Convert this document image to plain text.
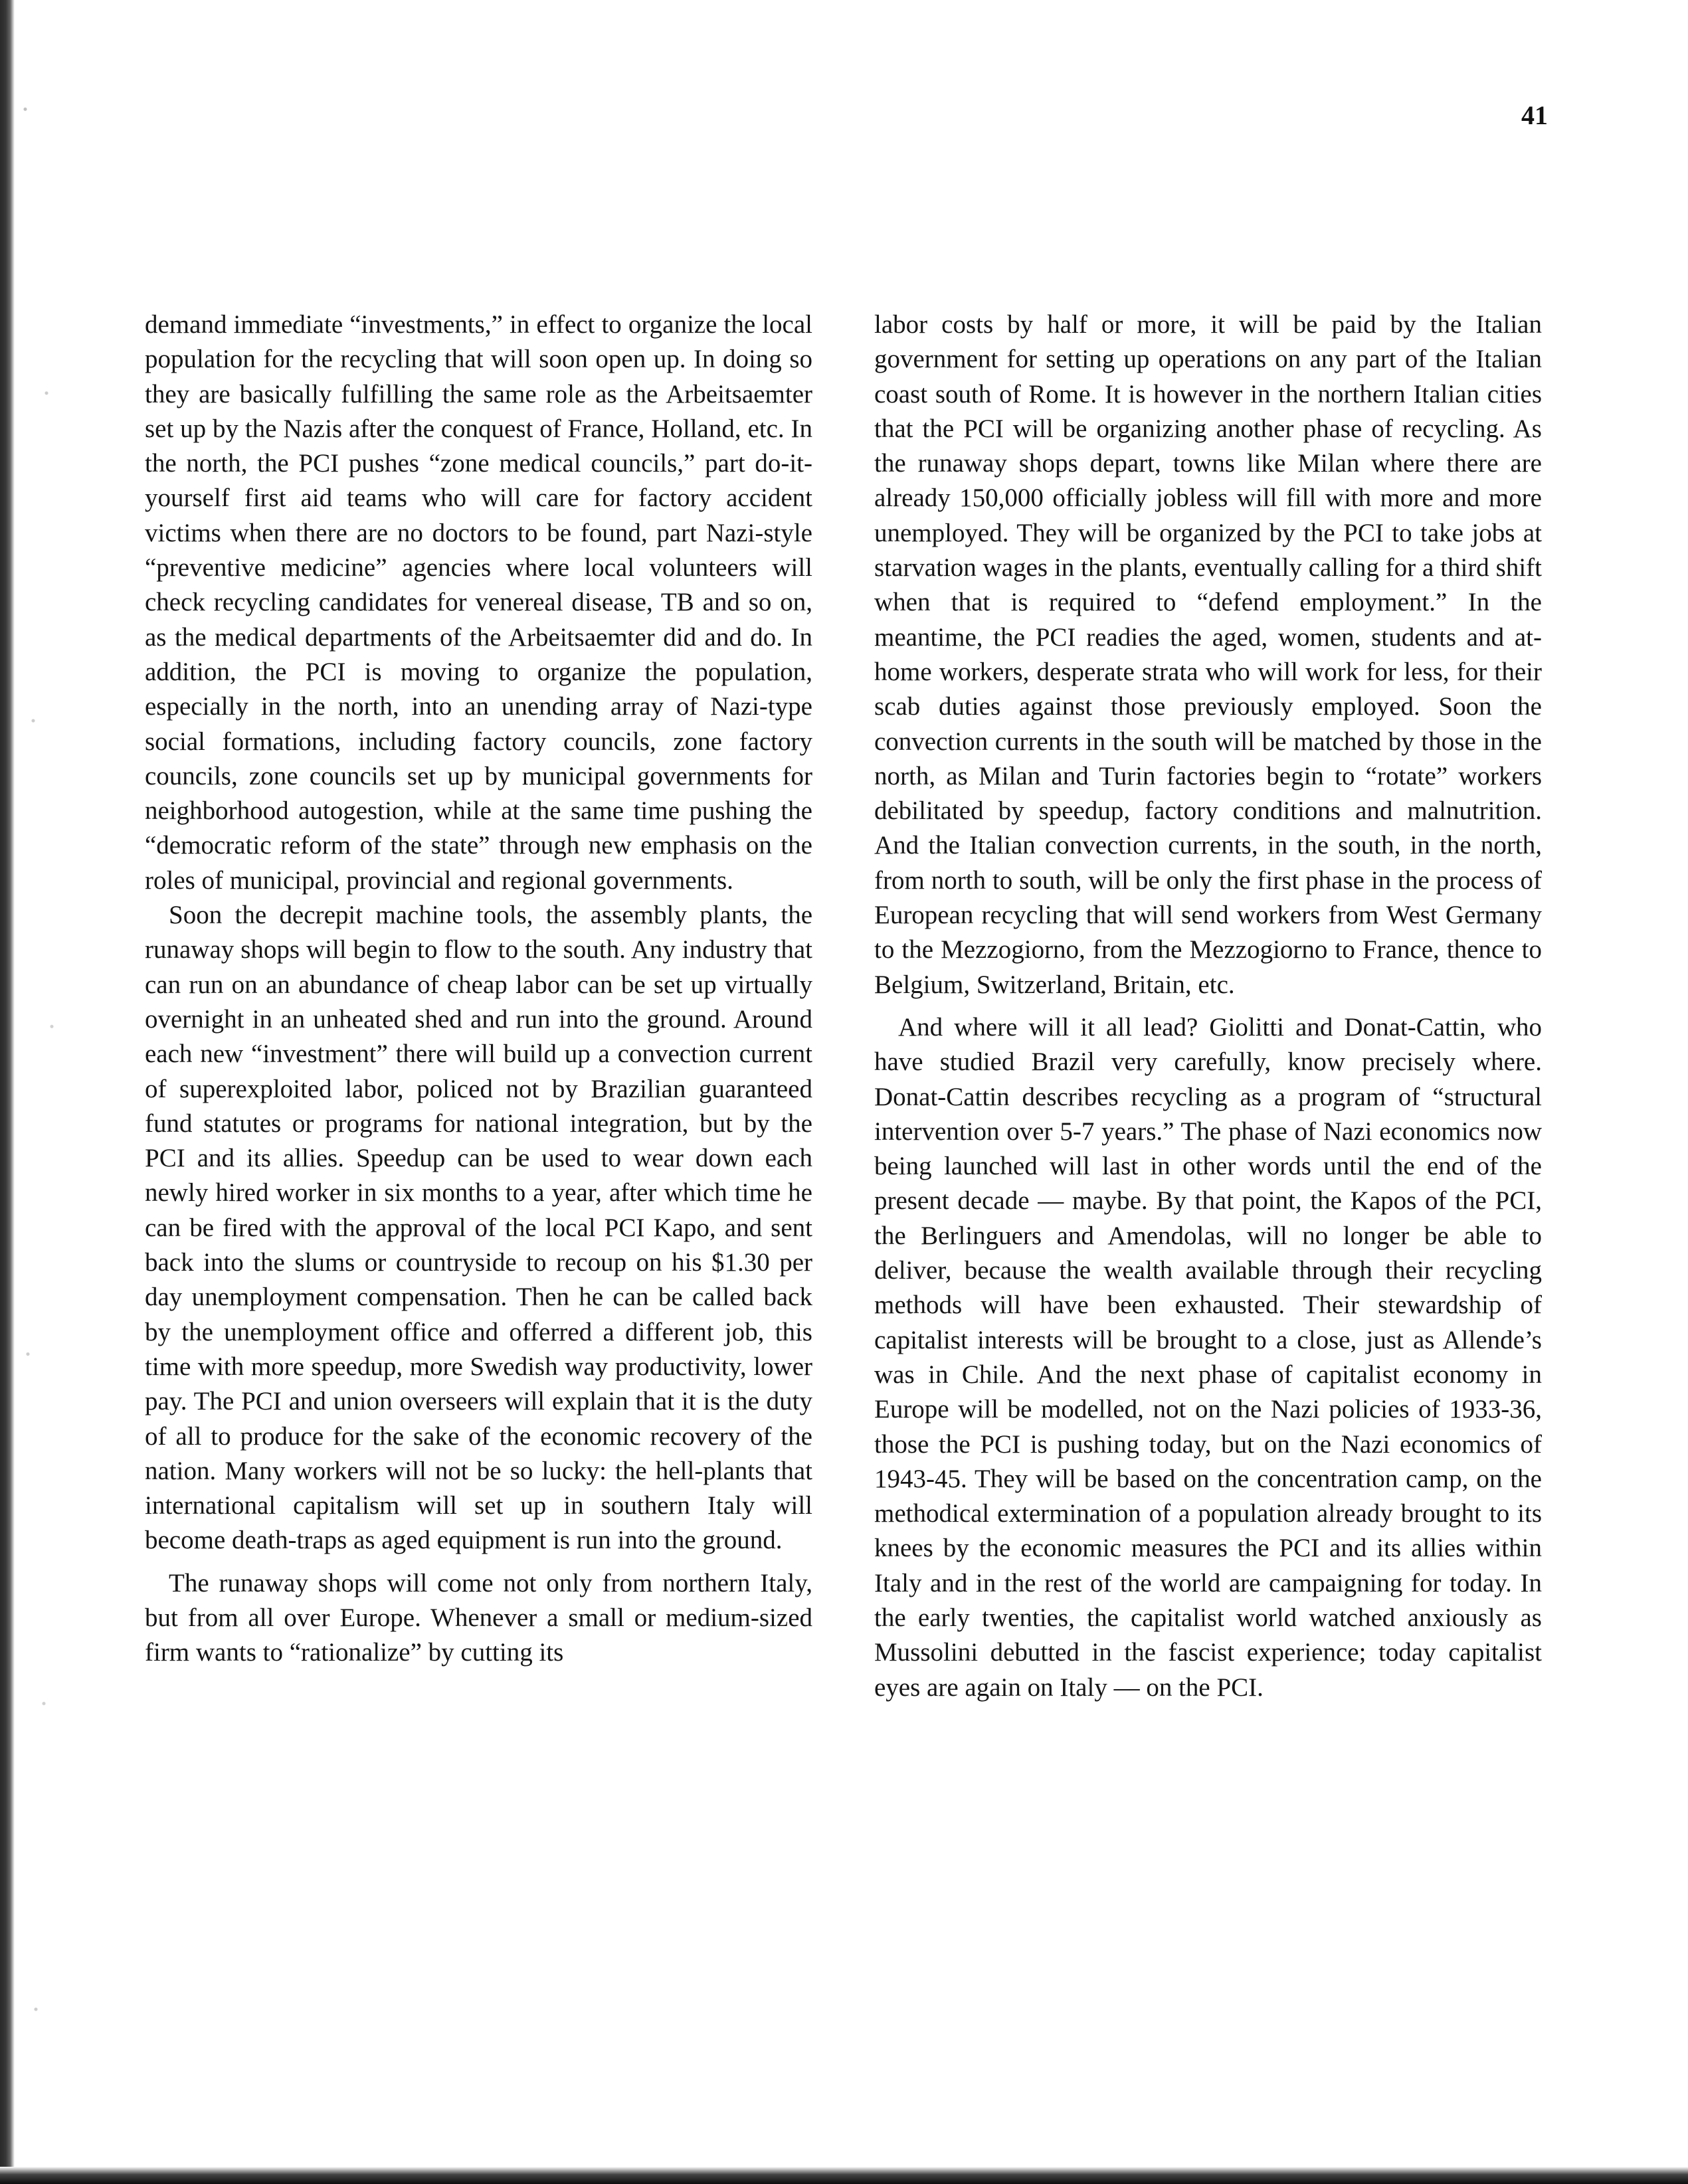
41

demand immediate “investments,” in effect to organize the local population for the recycling that will soon open up. In doing so they are basically fulfilling the same role as the Arbeitsaemter set up by the Nazis after the conquest of France, Holland, etc. In the north, the PCI pushes “zone medical councils,” part do-it-yourself first aid teams who will care for factory accident victims when there are no doctors to be found, part Nazi-style “preventive medicine” agencies where local volunteers will check recycling candidates for venereal disease, TB and so on, as the medical departments of the Arbeitsaemter did and do. In addition, the PCI is moving to organize the population, especially in the north, into an unending array of Nazi-type social formations, including factory councils, zone factory councils, zone councils set up by municipal governments for neighborhood autogestion, while at the same time pushing the “democratic reform of the state” through new emphasis on the roles of municipal, provincial and regional governments.

Soon the decrepit machine tools, the assembly plants, the runaway shops will begin to flow to the south. Any industry that can run on an abundance of cheap labor can be set up virtually overnight in an unheated shed and run into the ground. Around each new “investment” there will build up a convection current of superexploited labor, policed not by Brazilian guaranteed fund statutes or programs for national integration, but by the PCI and its allies. Speedup can be used to wear down each newly hired worker in six months to a year, after which time he can be fired with the approval of the local PCI Kapo, and sent back into the slums or countryside to recoup on his $1.30 per day unemployment compensation. Then he can be called back by the unemployment office and offerred a different job, this time with more speedup, more Swedish way productivity, lower pay. The PCI and union overseers will explain that it is the duty of all to produce for the sake of the economic recovery of the nation. Many workers will not be so lucky: the hell-plants that international capitalism will set up in southern Italy will become death-traps as aged equipment is run into the ground.

The runaway shops will come not only from northern Italy, but from all over Europe. Whenever a small or medium-sized firm wants to “rationalize” by cutting its

labor costs by half or more, it will be paid by the Italian government for setting up operations on any part of the Italian coast south of Rome. It is however in the northern Italian cities that the PCI will be organizing another phase of recycling. As the runaway shops depart, towns like Milan where there are already 150,000 officially jobless will fill with more and more unemployed. They will be organized by the PCI to take jobs at starvation wages in the plants, eventually calling for a third shift when that is required to “defend employment.” In the meantime, the PCI readies the aged, women, students and at-home workers, desperate strata who will work for less, for their scab duties against those previously employed. Soon the convection currents in the south will be matched by those in the north, as Milan and Turin factories begin to “rotate” workers debilitated by speedup, factory conditions and malnutrition. And the Italian convection currents, in the south, in the north, from north to south, will be only the first phase in the process of European recycling that will send workers from West Germany to the Mezzogiorno, from the Mezzogiorno to France, thence to Belgium, Switzerland, Britain, etc.

And where will it all lead? Giolitti and Donat-Cattin, who have studied Brazil very carefully, know precisely where. Donat-Cattin describes recycling as a program of “structural intervention over 5-7 years.” The phase of Nazi economics now being launched will last in other words until the end of the present decade — maybe. By that point, the Kapos of the PCI, the Berlinguers and Amendolas, will no longer be able to deliver, because the wealth available through their recycling methods will have been exhausted. Their stewardship of capitalist interests will be brought to a close, just as Allende’s was in Chile. And the next phase of capitalist economy in Europe will be modelled, not on the Nazi policies of 1933-36, those the PCI is pushing today, but on the Nazi economics of 1943-45. They will be based on the concentration camp, on the methodical extermination of a population already brought to its knees by the economic measures the PCI and its allies within Italy and in the rest of the world are campaigning for today. In the early twenties, the capitalist world watched anxiously as Mussolini debutted in the fascist experience; today capitalist eyes are again on Italy — on the PCI.
